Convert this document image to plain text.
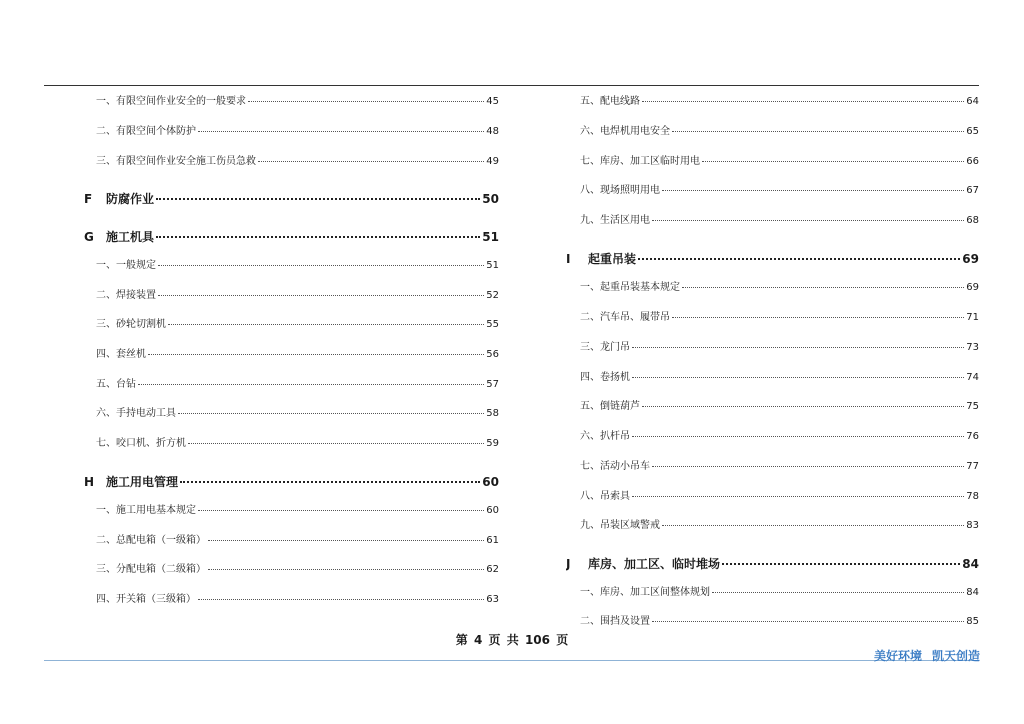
一、有限空间作业安全的一般要求	45
二、有限空间个体防护	48
三、有限空间作业安全施工伤员急救	49
F 防腐作业	50
G 施工机具	51
一、一般规定	51
二、焊接装置	52
三、砂轮切割机	55
四、套丝机	56
五、台钻	57
六、手持电动工具	58
七、咬口机、折方机	59
H 施工用电管理	60
一、施工用电基本规定	60
二、总配电箱（一级箱）	61
三、分配电箱（二级箱）	62
四、开关箱（三级箱）	63
五、配电线路	64
六、电焊机用电安全	65
七、库房、加工区临时用电	66
八、现场照明用电	67
九、生活区用电	68
I 起重吊装	69
一、起重吊装基本规定	69
二、汽车吊、履带吊	71
三、龙门吊	73
四、卷扬机	74
五、倒链葫芦	75
六、扒杆吊	76
七、活动小吊车	77
八、吊索具	78
九、吊装区域警戒	83
J 库房、加工区、临时堆场	84
一、库房、加工区间整体规划	84
二、围挡及设置	85
第 4 页 共 106 页
美好环境 凯天创造
